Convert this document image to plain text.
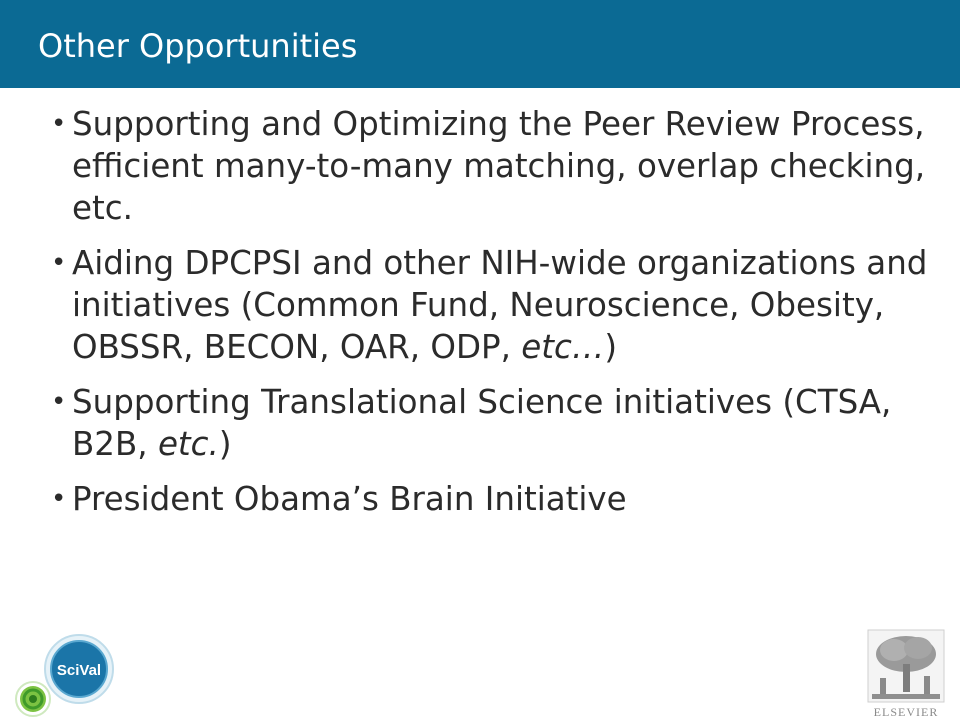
Other Opportunities
• Supporting and Optimizing the Peer Review Process, efficient many-to-many matching, overlap checking, etc.
• Aiding DPCPSI and other NIH-wide organizations and initiatives (Common Fund, Neuroscience, Obesity, OBSSR, BECON, OAR, ODP, etc…)
• Supporting Translational Science initiatives (CTSA, B2B, etc.)
• President Obama’s Brain Initiative
SciVal
ELSEVIER
